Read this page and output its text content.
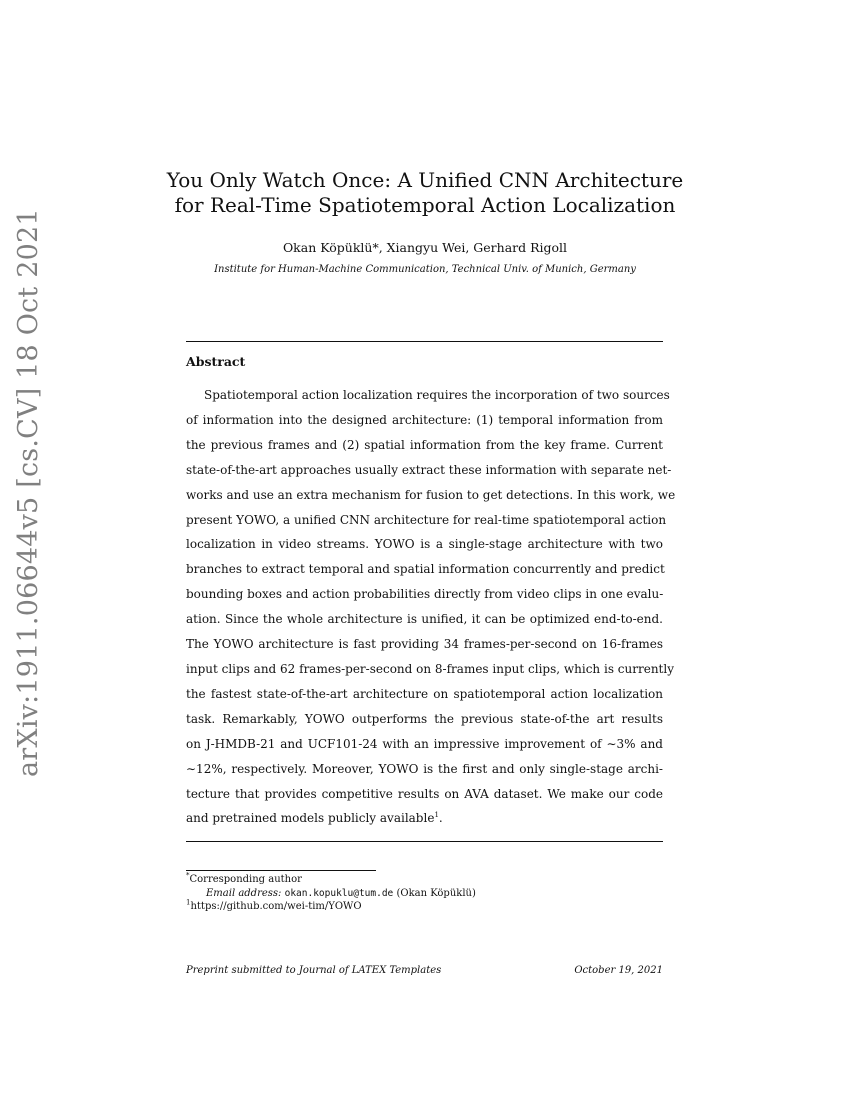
arXiv:1911.06644v5 [cs.CV] 18 Oct 2021
You Only Watch Once: A Unified CNN Architecture
for Real-Time Spatiotemporal Action Localization
Okan Köpüklü*, Xiangyu Wei, Gerhard Rigoll
Institute for Human-Machine Communication, Technical Univ. of Munich, Germany
Abstract
Spatiotemporal action localization requires the incorporation of two sources
of information into the designed architecture: (1) temporal information from
the previous frames and (2) spatial information from the key frame. Current
state-of-the-art approaches usually extract these information with separate net-
works and use an extra mechanism for fusion to get detections. In this work, we
present YOWO, a unified CNN architecture for real-time spatiotemporal action
localization in video streams. YOWO is a single-stage architecture with two
branches to extract temporal and spatial information concurrently and predict
bounding boxes and action probabilities directly from video clips in one evalu-
ation. Since the whole architecture is unified, it can be optimized end-to-end.
The YOWO architecture is fast providing 34 frames-per-second on 16-frames
input clips and 62 frames-per-second on 8-frames input clips, which is currently
the fastest state-of-the-art architecture on spatiotemporal action localization
task. Remarkably, YOWO outperforms the previous state-of-the art results
on J-HMDB-21 and UCF101-24 with an impressive improvement of ∼3% and
∼12%, respectively. Moreover, YOWO is the first and only single-stage archi-
tecture that provides competitive results on AVA dataset. We make our code
and pretrained models publicly available$^1$.
*Corresponding author
Email address: okan.kopuklu@tum.de (Okan Köpüklü)
$^1$https://github.com/wei-tim/YOWO
Preprint submitted to Journal of LATEX Templates	October 19, 2021
